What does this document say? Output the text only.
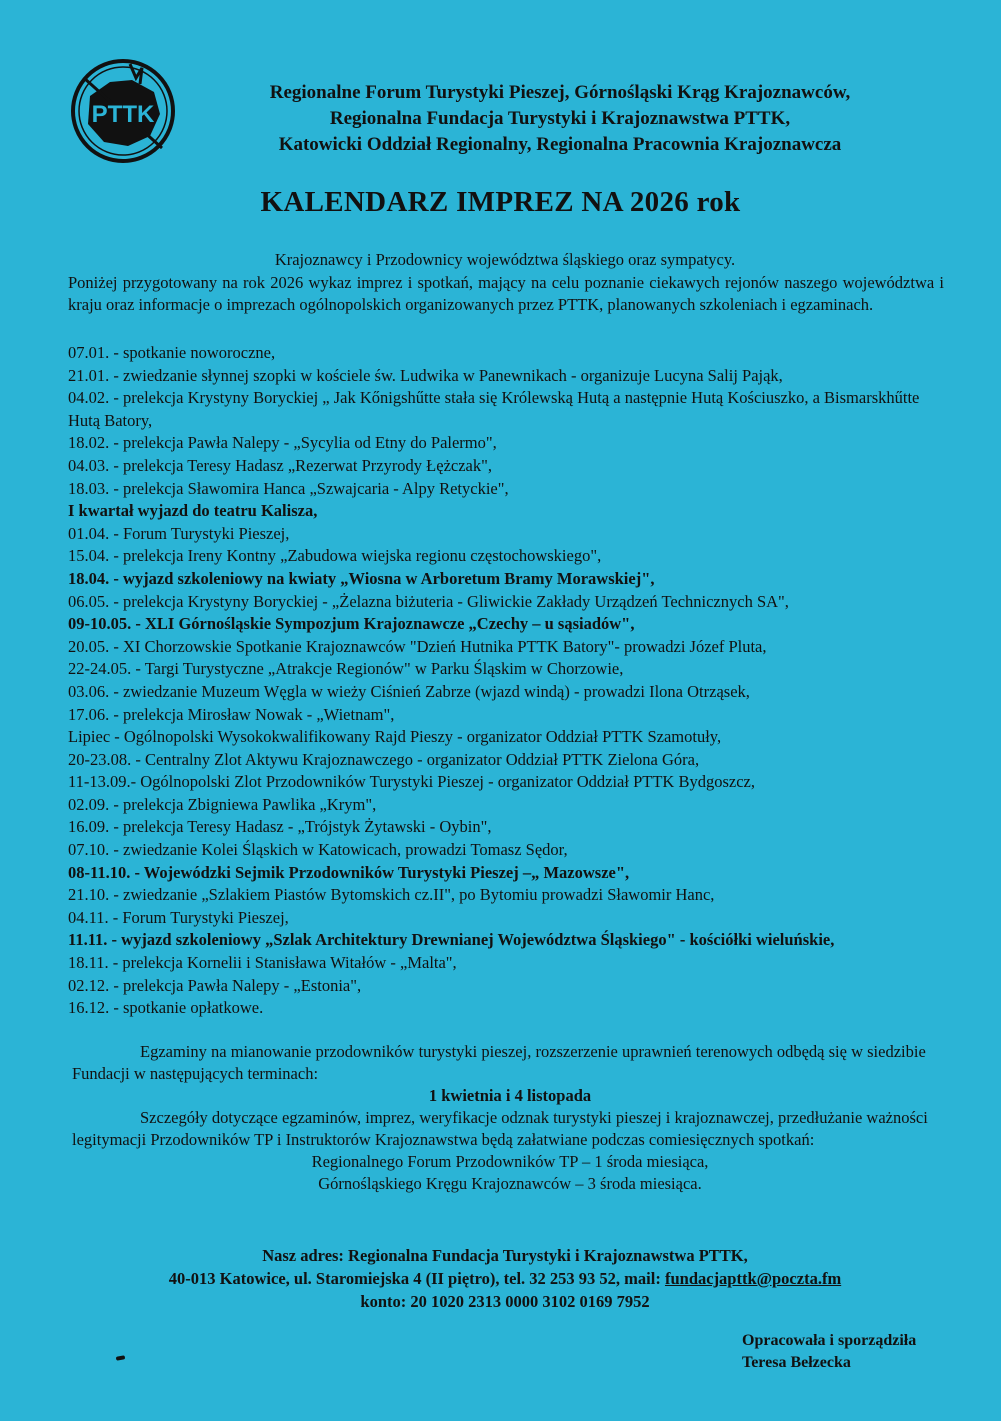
PTTK
Regionalne Forum Turystyki Pieszej, Górnośląski Krąg Krajoznawców,
Regionalna Fundacja Turystyki i Krajoznawstwa PTTK,
Katowicki Oddział Regionalny, Regionalna Pracownia Krajoznawcza
KALENDARZ IMPREZ NA 2026 rok
Krajoznawcy i Przodownicy województwa śląskiego oraz sympatycy.
Poniżej przygotowany na rok 2026 wykaz imprez i spotkań, mający na celu poznanie ciekawych rejonów naszego województwa i kraju oraz informacje o imprezach ogólnopolskich organizowanych przez PTTK, planowanych szkoleniach i egzaminach.
07.01. - spotkanie noworoczne,
21.01. - zwiedzanie słynnej szopki w kościele św. Ludwika w Panewnikach - organizuje Lucyna Salij Pająk,
04.02. - prelekcja Krystyny Boryckiej „ Jak Kőnigshűtte stała się Królewską Hutą a następnie Hutą Kościuszko, a Bismarskhűtte Hutą Batory,
18.02. - prelekcja Pawła Nalepy - „Sycylia od Etny do Palermo",
04.03. - prelekcja Teresy Hadasz „Rezerwat Przyrody Łężczak",
18.03. - prelekcja Sławomira Hanca „Szwajcaria - Alpy Retyckie",
I kwartał wyjazd do teatru Kalisza,
01.04. - Forum Turystyki Pieszej,
15.04. - prelekcja Ireny Kontny „Zabudowa wiejska regionu częstochowskiego",
18.04. - wyjazd szkoleniowy na kwiaty „Wiosna w Arboretum Bramy Morawskiej",
06.05. - prelekcja Krystyny Boryckiej - „Żelazna biżuteria - Gliwickie Zakłady Urządzeń Technicznych SA",
09-10.05. - XLI Górnośląskie Sympozjum Krajoznawcze „Czechy – u sąsiadów",
20.05. - XI Chorzowskie Spotkanie Krajoznawców "Dzień Hutnika PTTK Batory"- prowadzi Józef Pluta,
22-24.05. - Targi Turystyczne „Atrakcje Regionów" w Parku Śląskim w Chorzowie,
03.06. - zwiedzanie Muzeum Węgla w wieży Ciśnień Zabrze (wjazd windą) - prowadzi Ilona Otrząsek,
17.06. - prelekcja Mirosław Nowak - „Wietnam",
Lipiec - Ogólnopolski Wysokokwalifikowany Rajd Pieszy - organizator Oddział PTTK Szamotuły,
20-23.08. - Centralny Zlot Aktywu Krajoznawczego - organizator Oddział PTTK Zielona Góra,
11-13.09.- Ogólnopolski Zlot Przodowników Turystyki Pieszej - organizator Oddział PTTK Bydgoszcz,
02.09. - prelekcja Zbigniewa Pawlika „Krym",
16.09. - prelekcja Teresy Hadasz - „Trójstyk Żytawski - Oybin",
07.10. - zwiedzanie Kolei Śląskich w Katowicach, prowadzi Tomasz Sędor,
08-11.10. - Wojewódzki Sejmik Przodowników Turystyki Pieszej –„ Mazowsze",
21.10. - zwiedzanie „Szlakiem Piastów Bytomskich cz.II", po Bytomiu prowadzi Sławomir Hanc,
04.11. - Forum Turystyki Pieszej,
11.11. - wyjazd szkoleniowy „Szlak Architektury Drewnianej Województwa Śląskiego" - kościółki wieluńskie,
18.11. - prelekcja Kornelii i Stanisława Witałów - „Malta",
02.12. - prelekcja Pawła Nalepy - „Estonia",
16.12. - spotkanie opłatkowe.

Egzaminy na mianowanie przodowników turystyki pieszej, rozszerzenie uprawnień terenowych odbędą się w siedzibie Fundacji w następujących terminach:

1 kwietnia i 4 listopada

Szczegóły dotyczące egzaminów, imprez, weryfikacje odznak turystyki pieszej i krajoznawczej, przedłużanie ważności legitymacji Przodowników TP i Instruktorów Krajoznawstwa będą załatwiane podczas comiesięcznych spotkań:

Regionalnego Forum Przodowników TP – 1 środa miesiąca,

Górnośląskiego Kręgu Krajoznawców – 3 środa miesiąca.

Nasz adres: Regionalna Fundacja Turystyki i Krajoznawstwa PTTK,
40-013 Katowice, ul. Staromiejska 4 (II piętro), tel. 32 253 93 52, mail: fundacjapttk@poczta.fm
konto: 20 1020 2313 0000 3102 0169 7952
Opracowała i sporządziła
Teresa Bełzecka
